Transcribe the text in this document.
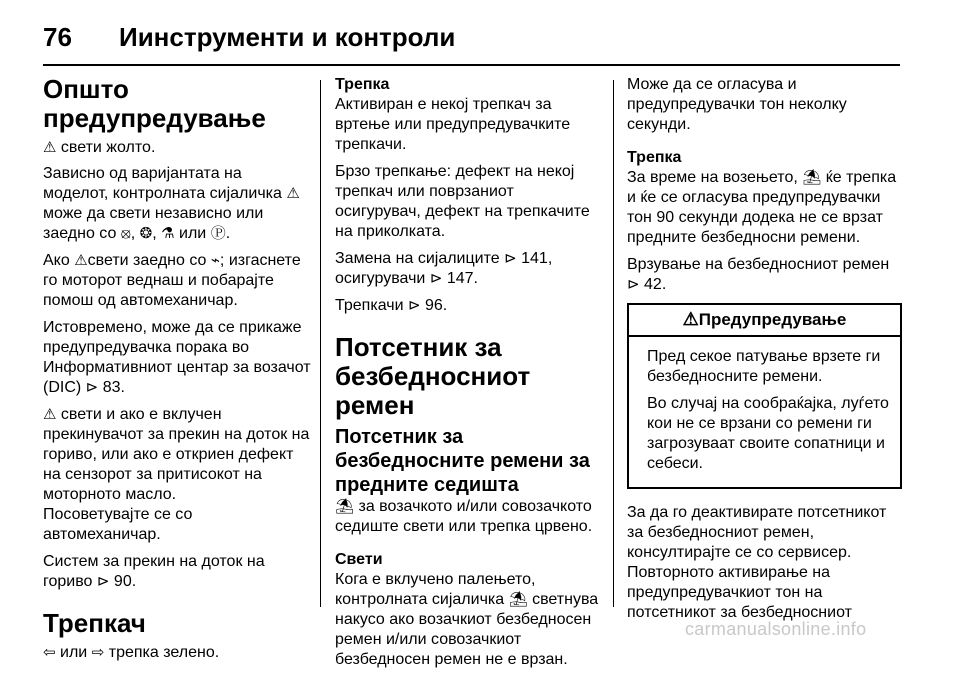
76 Иинструменти и контроли
Општо предупредување

⚠ свети жолто.

Зависно од варијантата на моделот, контролната сијаличка ⚠ може да свети независно или заедно со ⦻, ❂, ⚗ или Ⓟ.

Ако ⚠свети заедно со ⌁; изгаснете го моторот веднаш и побарајте помош од автомеханичар.

Истовремено, може да се прикаже предупредувачка порака во Информативниот центар за возачот (DIC) ⊳ 83.

⚠ свети и ако е вклучен прекинувачот за прекин на доток на гориво, или ако е откриен дефект на сензорот за притисокот на моторното масло.

Посоветувајте се со автомеханичар.

Систем за прекин на доток на гориво ⊳ 90.

Трепкач

⇦ или ⇨ трепка зелено.

Трепка

Активиран е некој трепкач за вртење или предупредувачките трепкачи.

Брзо трепкање: дефект на некој трепкач или поврзаниот осигурувач, дефект на трепкачите на приколката.

Замена на сијалиците ⊳ 141, осигурувачи ⊳ 147.

Трепкачи ⊳ 96.

Потсетник за безбедносниот ремен
Потсетник за безбедносните ремени за предните седишта

⛱ за возачкото и/или совозачкото седиште свети или трепка црвено.

Свети

Кога е вклучено палењето, контролната сијаличка ⛱ светнува накусо ако возачкиот безбедносен ремен и/или совозачкиот безбедносен ремен не е врзан.

Може да се огласува и предупредувачки тон неколку секунди.

Трепка

За време на возењето, ⛱ ќе трепка и ќе се огласува предупредувачки тон 90 секунди додека не се врзат предните безбедносни ремени.

Врзување на безбедносниот ремен ⊳ 42.

⚠Предупредување

Пред секое патување врзете ги безбедносните ремени.

Во случај на сообраќајка, луѓето кои не се врзани со ремени ги загрозуваат своите сопатници и себеси.

За да го деактивирате потсетникот за безбедносниот ремен, консултирајте се со сервисер. Повторното активирање на предупредувачкиот тон на потсетникот за безбедносниот

carmanualsonline.info
